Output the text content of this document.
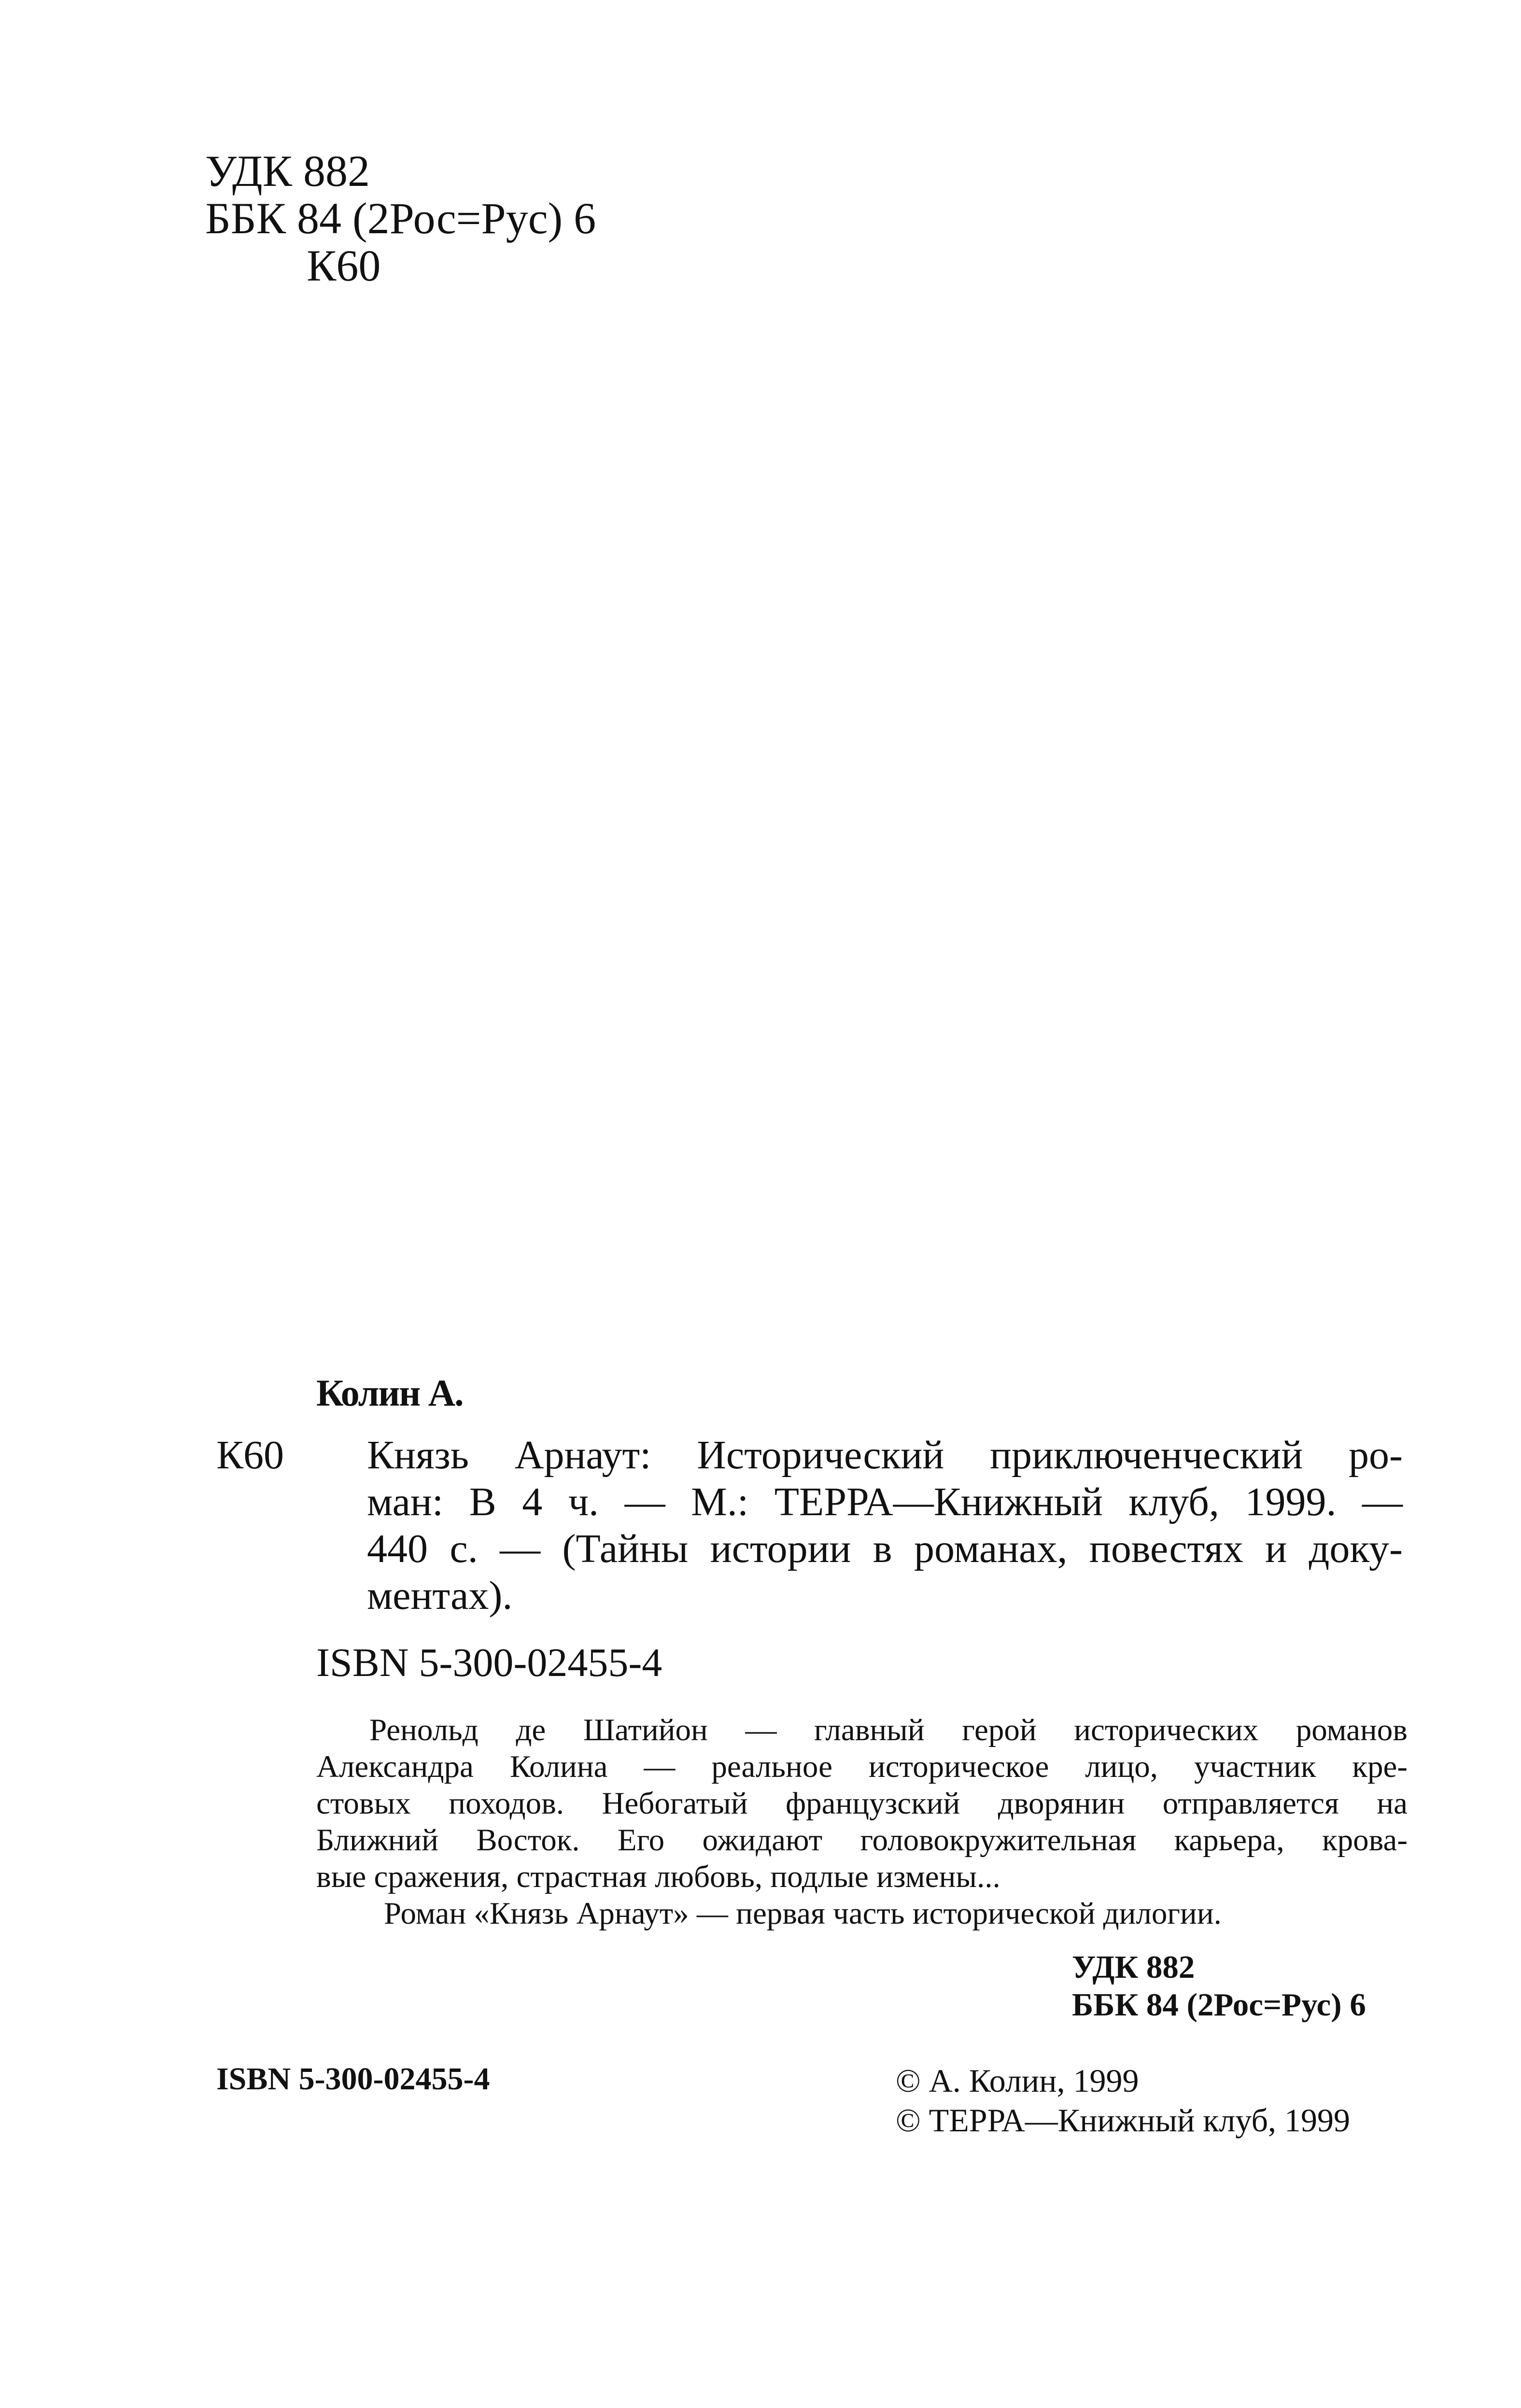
УДК 882
ББК 84 (2Рос=Рус) 6
К60
Колин А.
К60 Князь Арнаут: Исторический приключенческий ро-
ман: В 4 ч. — М.: ТЕРРА—Книжный клуб, 1999. —
440 с. — (Тайны истории в романах, повестях и доку-
ментах).
ISBN 5-300-02455-4
Ренольд де Шатийон — главный герой исторических романов
Александра Колина — реальное историческое лицо, участник кре-
стовых походов. Небогатый французский дворянин отправляется на
Ближний Восток. Его ожидают головокружительная карьера, крова-
вые сражения, страстная любовь, подлые измены...
Роман «Князь Арнаут» — первая часть исторической дилогии.
УДК 882
ББК 84 (2Рос=Рус) 6
ISBN 5-300-02455-4	© А. Колин, 1999
© ТЕРРА—Книжный клуб, 1999
